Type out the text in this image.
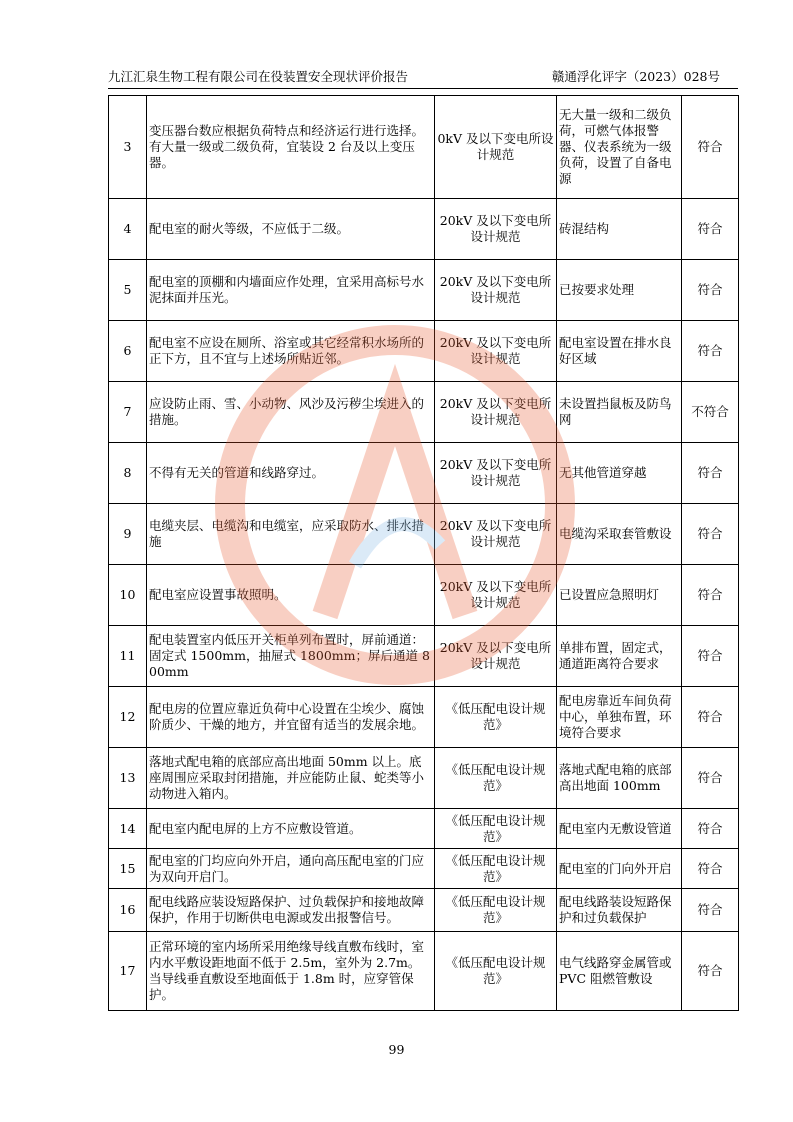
九江汇泉生物工程有限公司在役装置安全现状评价报告	赣通浮化评字（2023）028号
3	变压器台数应根据负荷特点和经济运行进行选择。有大量一级或二级负荷，宜装设 2 台及以上变压器。	0kV 及以下变电所设计规范	无大量一级和二级负荷，可燃气体报警器、仪表系统为一级负荷，设置了自备电源	符合
4	配电室的耐火等级，不应低于二级。	20kV 及以下变电所设计规范	砖混结构	符合
5	配电室的顶棚和内墙面应作处理，宜采用高标号水泥抹面并压光。	20kV 及以下变电所设计规范	已按要求处理	符合
6	配电室不应设在厕所、浴室或其它经常积水场所的正下方，且不宜与上述场所贴近邻。	20kV 及以下变电所设计规范	配电室设置在排水良好区域	符合
7	应设防止雨、雪、小动物、风沙及污秽尘埃进入的措施。	20kV 及以下变电所设计规范	未设置挡鼠板及防鸟网	不符合
8	不得有无关的管道和线路穿过。	20kV 及以下变电所设计规范	无其他管道穿越	符合
9	电缆夹层、电缆沟和电缆室，应采取防水、排水措施	20kV 及以下变电所设计规范	电缆沟采取套管敷设	符合
10	配电室应设置事故照明。	20kV 及以下变电所设计规范	已设置应急照明灯	符合
11	配电装置室内低压开关柜单列布置时，屏前通道：固定式 1500mm，抽屉式 1800mm；屏后通道 800mm	20kV 及以下变电所设计规范	单排布置，固定式，通道距离符合要求	符合
12	配电房的位置应靠近负荷中心设置在尘埃少、腐蚀阶质少、干燥的地方，并宜留有适当的发展余地。	《低压配电设计规范》	配电房靠近车间负荷中心，单独布置，环境符合要求	符合
13	落地式配电箱的底部应高出地面 50mm 以上。底座周围应采取封闭措施，并应能防止鼠、蛇类等小动物进入箱内。	《低压配电设计规范》	落地式配电箱的底部高出地面 100mm	符合
14	配电室内配电屏的上方不应敷设管道。	《低压配电设计规范》	配电室内无敷设管道	符合
15	配电室的门均应向外开启，通向高压配电室的门应为双向开启门。	《低压配电设计规范》	配电室的门向外开启	符合
16	配电线路应装设短路保护、过负载保护和接地故障保护，作用于切断供电电源或发出报警信号。	《低压配电设计规范》	配电线路装设短路保护和过负载保护	符合
17	正常环境的室内场所采用绝缘导线直敷布线时，室内水平敷设距地面不低于 2.5m，室外为 2.7m。当导线垂直敷设至地面低于 1.8m 时，应穿管保护。	《低压配电设计规范》	电气线路穿金属管或 PVC 阻燃管敷设	符合
99
